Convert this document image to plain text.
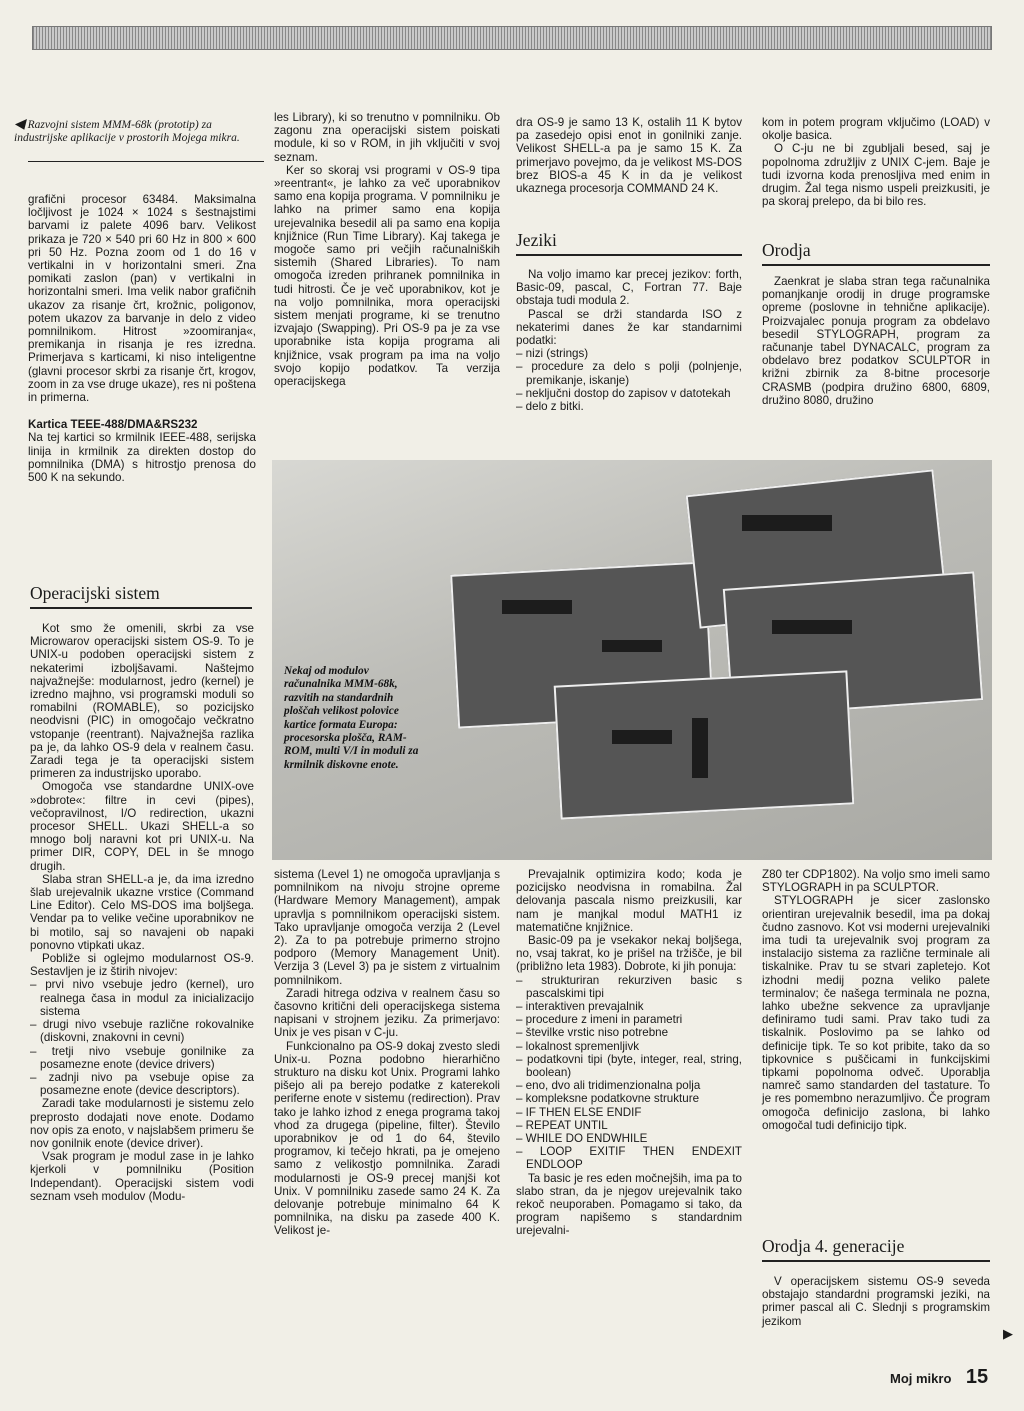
◀ Razvojni sistem MMM-68k (prototip) za industrijske aplikacije v prostorih Mojega mikra.

grafični procesor 63484. Maksimalna ločljivost je 1024 × 1024 s šestnajstimi barvami iz palete 4096 barv. Velikost prikaza je 720 × 540 pri 60 Hz in 800 × 600 pri 50 Hz. Pozna zoom od 1 do 16 v vertikalni in v horizontalni smeri. Zna pomikati zaslon (pan) v vertikalni in horizontalni smeri. Ima velik nabor grafičnih ukazov za risanje črt, krožnic, poligonov, potem ukazov za barvanje in delo z video pomnilnikom. Hitrost »zoomiranja«, premikanja in risanja je res izredna. Primerjava s karticami, ki niso inteligentne (glavni procesor skrbi za risanje črt, krogov, zoom in za vse druge ukaze), res ni poštena in primerna.

Kartica TEEE-488/DMA&RS232

Na tej kartici so krmilnik IEEE-488, serijska linija in krmilnik za direkten dostop do pomnilnika (DMA) s hitrostjo prenosa do 500 K na sekundo.

les Library), ki so trenutno v pomnilniku. Ob zagonu zna operacijski sistem poiskati module, ki so v ROM, in jih vključiti v svoj seznam.

Ker so skoraj vsi programi v OS-9 tipa »reentrant«, je lahko za več uporabnikov samo ena kopija programa. V pomnilniku je lahko na primer samo ena kopija urejevalnika besedil ali pa samo ena kopija knjižnice (Run Time Library). Kaj takega je mogoče samo pri večjih računalniških sistemih (Shared Libraries). To nam omogoča izreden prihranek pomnilnika in tudi hitrosti. Če je več uporabnikov, kot je na voljo pomnilnika, mora operacijski sistem menjati programe, ki se trenutno izvajajo (Swapping). Pri OS-9 pa je za vse uporabnike ista kopija programa ali knjižnice, vsak program pa ima na voljo svojo kopijo podatkov. Ta verzija operacijskega

dra OS-9 je samo 13 K, ostalih 11 K bytov pa zasedejo opisi enot in gonilniki zanje. Velikost SHELL-a pa je samo 15 K. Za primerjavo povejmo, da je velikost MS-DOS brez BIOS-a 45 K in da je velikost ukaznega procesorja COMMAND 24 K.

Jeziki

Na voljo imamo kar precej jezikov: forth, Basic-09, pascal, C, Fortran 77. Baje obstaja tudi modula 2.

Pascal se drži standarda ISO z nekaterimi danes že kar standarnimi podatki:

– nizi (strings)
– procedure za delo s polji (polnjenje, premikanje, iskanje)
– neključni dostop do zapisov v datotekah
– delo z bitki.

kom in potem program vključimo (LOAD) v okolje basica.

O C-ju ne bi zgubljali besed, saj je popolnoma združljiv z UNIX C-jem. Baje je tudi izvorna koda prenosljiva med enim in drugim. Žal tega nismo uspeli preizkusiti, je pa skoraj prelepo, da bi bilo res.

Orodja

Zaenkrat je slaba stran tega računalnika pomanjkanje orodij in druge programske opreme (poslovne in tehnične aplikacije). Proizvajalec ponuja program za obdelavo besedil STYLOGRAPH, program za računanje tabel DYNACALC, program za obdelavo brez podatkov SCULPTOR in križni zbirnik za 8-bitne procesorje CRASMB (podpira družino 6800, 6809, družino 8080, družino

Operacijski sistem

Kot smo že omenili, skrbi za vse Microwarov operacijski sistem OS-9. To je UNIX-u podoben operacijski sistem z nekaterimi izboljšavami. Naštejmo najvažnejše: modularnost, jedro (kernel) je izredno majhno, vsi programski moduli so romabilni (ROMABLE), so pozicijsko neodvisni (PIC) in omogočajo večkratno vstopanje (reentrant). Najvažnejša razlika pa je, da lahko OS-9 dela v realnem času. Zaradi tega je ta operacijski sistem primeren za industrijsko uporabo.

Omogoča vse standardne UNIX-ove »dobrote«: filtre in cevi (pipes), večopravilnost, I/O redirection, ukazni procesor SHELL. Ukazi SHELL-a so mnogo bolj naravni kot pri UNIX-u. Na primer DIR, COPY, DEL in še mnogo drugih.

Slaba stran SHELL-a je, da ima izredno šlab urejevalnik ukazne vrstice (Command Line Editor). Celo MS-DOS ima boljšega. Vendar pa to velike večine uporabnikov ne bi motilo, saj so navajeni ob napaki ponovno vtipkati ukaz.

Pobliže si oglejmo modularnost OS-9. Sestavljen je iz štirih nivojev:

– prvi nivo vsebuje jedro (kernel), uro realnega časa in modul za inicializacijo sistema
– drugi nivo vsebuje različne rokovalnike (diskovni, znakovni in cevni)
– tretji nivo vsebuje gonilnike za posamezne enote (device drivers)
– zadnji nivo pa vsebuje opise za posamezne enote (device descriptors).

Zaradi take modularnosti je sistemu zelo preprosto dodajati nove enote. Dodamo nov opis za enoto, v najslabšem primeru še nov gonilnik enote (device driver).

Vsak program je modul zase in je lahko kjerkoli v pomnilniku (Position Independant). Operacijski sistem vodi seznam vseh modulov (Modu-

Nekaj od modulov računalnika MMM-68k, razvitih na standardnih ploščah velikost polovice kartice formata Europa: procesorska plošča, RAM-ROM, multi V/I in moduli za krmilnik diskovne enote.

sistema (Level 1) ne omogoča upravljanja s pomnilnikom na nivoju strojne opreme (Hardware Memory Management), ampak upravlja s pomnilnikom operacijski sistem. Tako upravljanje omogoča verzija 2 (Level 2). Za to pa potrebuje primerno strojno podporo (Memory Management Unit). Verzija 3 (Level 3) pa je sistem z virtualnim pomnilnikom.

Zaradi hitrega odziva v realnem času so časovno kritični deli operacijskega sistema napisani v strojnem jeziku. Za primerjavo: Unix je ves pisan v C-ju.

Funkcionalno pa OS-9 dokaj zvesto sledi Unix-u. Pozna podobno hierarhično strukturo na disku kot Unix. Programi lahko pišejo ali pa berejo podatke z katerekoli periferne enote v sistemu (redirection). Prav tako je lahko izhod z enega programa takoj vhod za drugega (pipeline, filter). Število uporabnikov je od 1 do 64, število programov, ki tečejo hkrati, pa je omejeno samo z velikostjo pomnilnika. Zaradi modularnosti je OS-9 precej manjši kot Unix. V pomnilniku zasede samo 24 K. Za delovanje potrebuje minimalno 64 K pomnilnika, na disku pa zasede 400 K. Velikost je-

Prevajalnik optimizira kodo; koda je pozicijsko neodvisna in romabilna. Žal delovanja pascala nismo preizkusili, kar nam je manjkal modul MATH1 iz matematične knjižnice.

Basic-09 pa je vsekakor nekaj boljšega, no, vsaj takrat, ko je prišel na tržišče, je bil (približno leta 1983). Dobrote, ki jih ponuja:

– strukturiran rekurziven basic s pascalskimi tipi
– interaktiven prevajalnik
– procedure z imeni in parametri
– številke vrstic niso potrebne
– lokalnost spremenljivk
– podatkovni tipi (byte, integer, real, string, boolean)
– eno, dvo ali tridimenzionalna polja
– kompleksne podatkovne strukture
– IF THEN ELSE ENDIF
– REPEAT UNTIL
– WHILE DO ENDWHILE
– LOOP EXITIF THEN ENDEXIT ENDLOOP

Ta basic je res eden močnejših, ima pa to slabo stran, da je njegov urejevalnik tako rekoč neuporaben. Pomagamo si tako, da program napišemo s standardnim urejevalni-

Z80 ter CDP1802). Na voljo smo imeli samo STYLOGRAPH in pa SCULPTOR.

STYLOGRAPH je sicer zaslonsko orientiran urejevalnik besedil, ima pa dokaj čudno zasnovo. Kot vsi moderni urejevalniki ima tudi ta urejevalnik svoj program za instalacijo sistema za različne terminale ali tiskalnike. Prav tu se stvari zapletejo. Kot izhodni medij pozna veliko palete terminalov; če našega terminala ne pozna, lahko ubežne sekvence za upravljanje definiramo tudi sami. Prav tako tudi za tiskalnik. Poslovimo pa se lahko od definicije tipk. Te so kot pribite, tako da so tipkovnice s puščicami in funkcijskimi tipkami popolnoma odveč. Uporablja namreč samo standarden del tastature. To je res pomembno nerazumljivo. Če program omogoča definicijo zaslona, bi lahko omogočal tudi definicijo tipk.

Orodja 4. generacije

V operacijskem sistemu OS-9 seveda obstajajo standardni programski jeziki, na primer pascal ali C. Slednji s programskim jezikom

▶
Moj mikro 15
